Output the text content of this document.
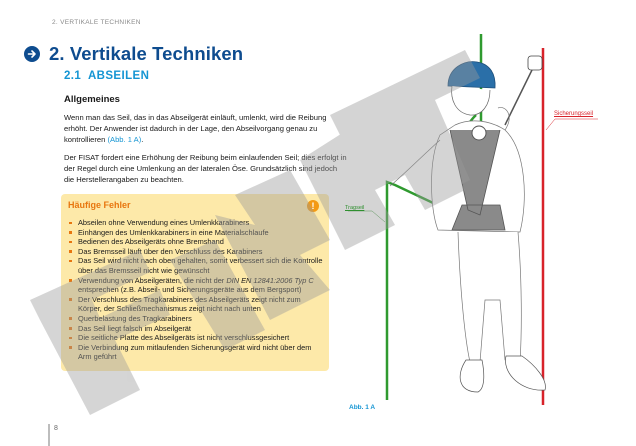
2. VERTIKALE TECHNIKEN
2. Vertikale Techniken
2.1  ABSEILEN
Allgemeines
Wenn man das Seil, das in das Abseilgerät einläuft, umlenkt, wird die Reibung erhöht. Der Anwender ist dadurch in der Lage, den Abseilvorgang genau zu kontrollieren (Abb. 1 A).
Der FISAT fordert eine Erhöhung der Reibung beim einlaufenden Seil; dies erfolgt in der Regel durch eine Umlenkung an der lateralen Öse. Grundsätzlich sind jedoch die Herstellerangaben zu beachten.
Häufige Fehler	!
Abseilen ohne Verwendung eines Umlenkkarabiners
Einhängen des Umlenkkarabiners in eine Materialschlaufe
Bedienen des Abseilgeräts ohne Bremshand
Das Bremsseil läuft über den Verschluss des Karabiners
Das Seil wird nicht nach oben gehalten, somit verbessert sich die Kontrolle über das Bremsseil nicht wie gewünscht
Verwendung von Abseilgeräten, die nicht der DIN EN 12841:2006 Typ C entsprechen (z.B. Abseil- und Sicherungsgeräte aus dem Bergsport)
Der Verschluss des Tragkarabiners des Abseilgeräts zeigt nicht zum Körper, der Schließmechanismus zeigt nicht nach unten
Querbelastung des Tragkarabiners
Das Seil liegt falsch im Abseilgerät
Die seitliche Platte des Abseilgeräts ist nicht verschlussgesichert
Die Verbindung zum mitlaufenden Sicherungsgerät wird nicht über dem Arm geführt
Tragseil
Sicherungsseil
Abb. 1 A
8
